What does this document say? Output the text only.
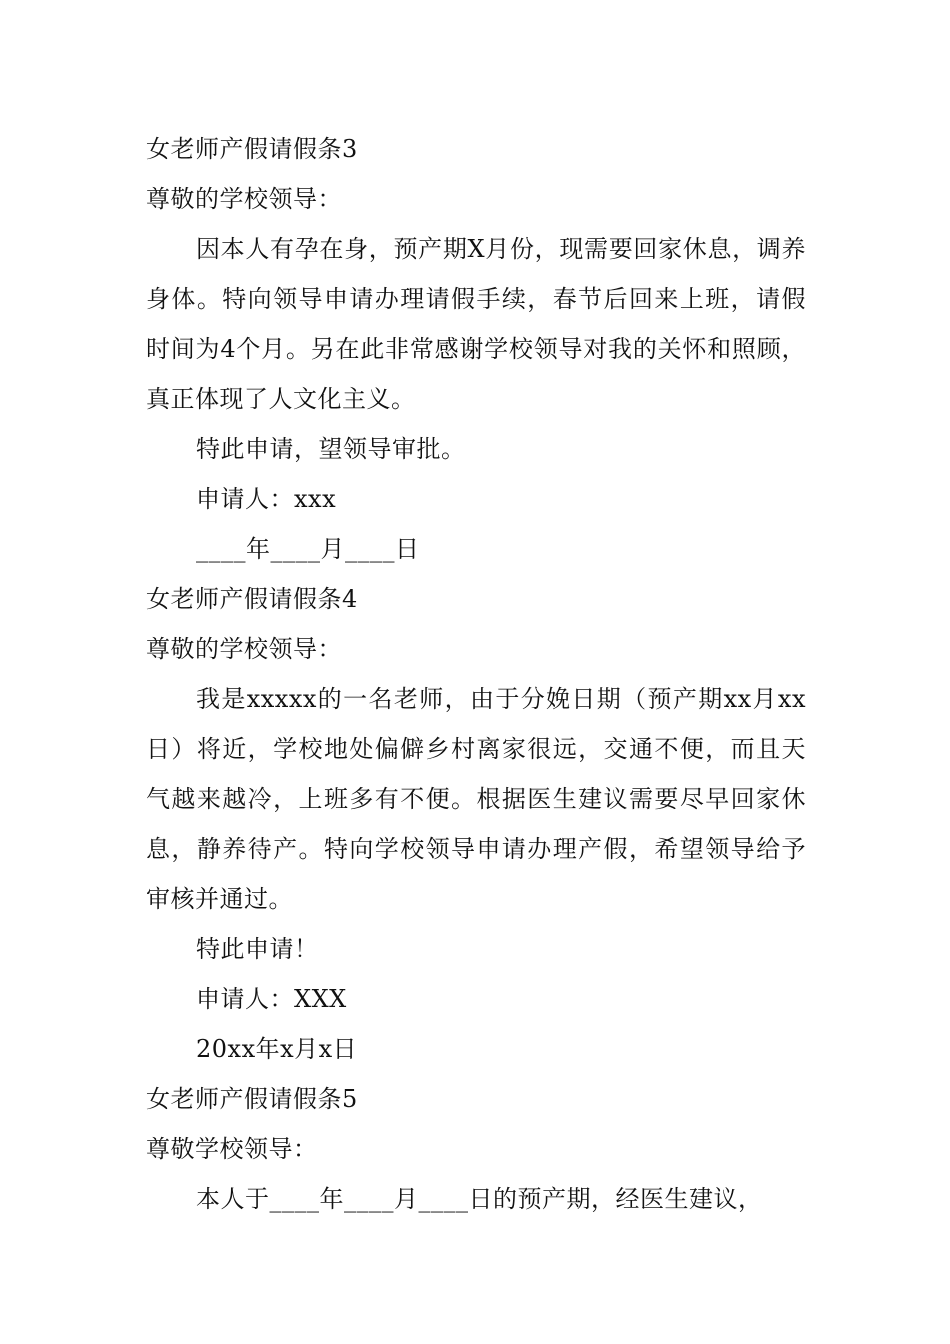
女老师产假请假条3
尊敬的学校领导：

因本人有孕在身，预产期X月份，现需要回家休息，调养身体。特向领导申请办理请假手续，春节后回来上班，请假时间为4个月。另在此非常感谢学校领导对我的关怀和照顾，真正体现了人文化主义。

特此申请，望领导审批。
申请人：xxx
____年____月____日
女老师产假请假条4
尊敬的学校领导：

我是xxxxx的一名老师，由于分娩日期（预产期xx月xx日）将近，学校地处偏僻乡村离家很远，交通不便，而且天气越来越冷，上班多有不便。根据医生建议需要尽早回家休息，静养待产。特向学校领导申请办理产假，希望领导给予审核并通过。

特此申请！
申请人：XXX
20xx年x月x日
女老师产假请假条5
尊敬学校领导：

本人于____年____月____日的预产期，经医生建议，
